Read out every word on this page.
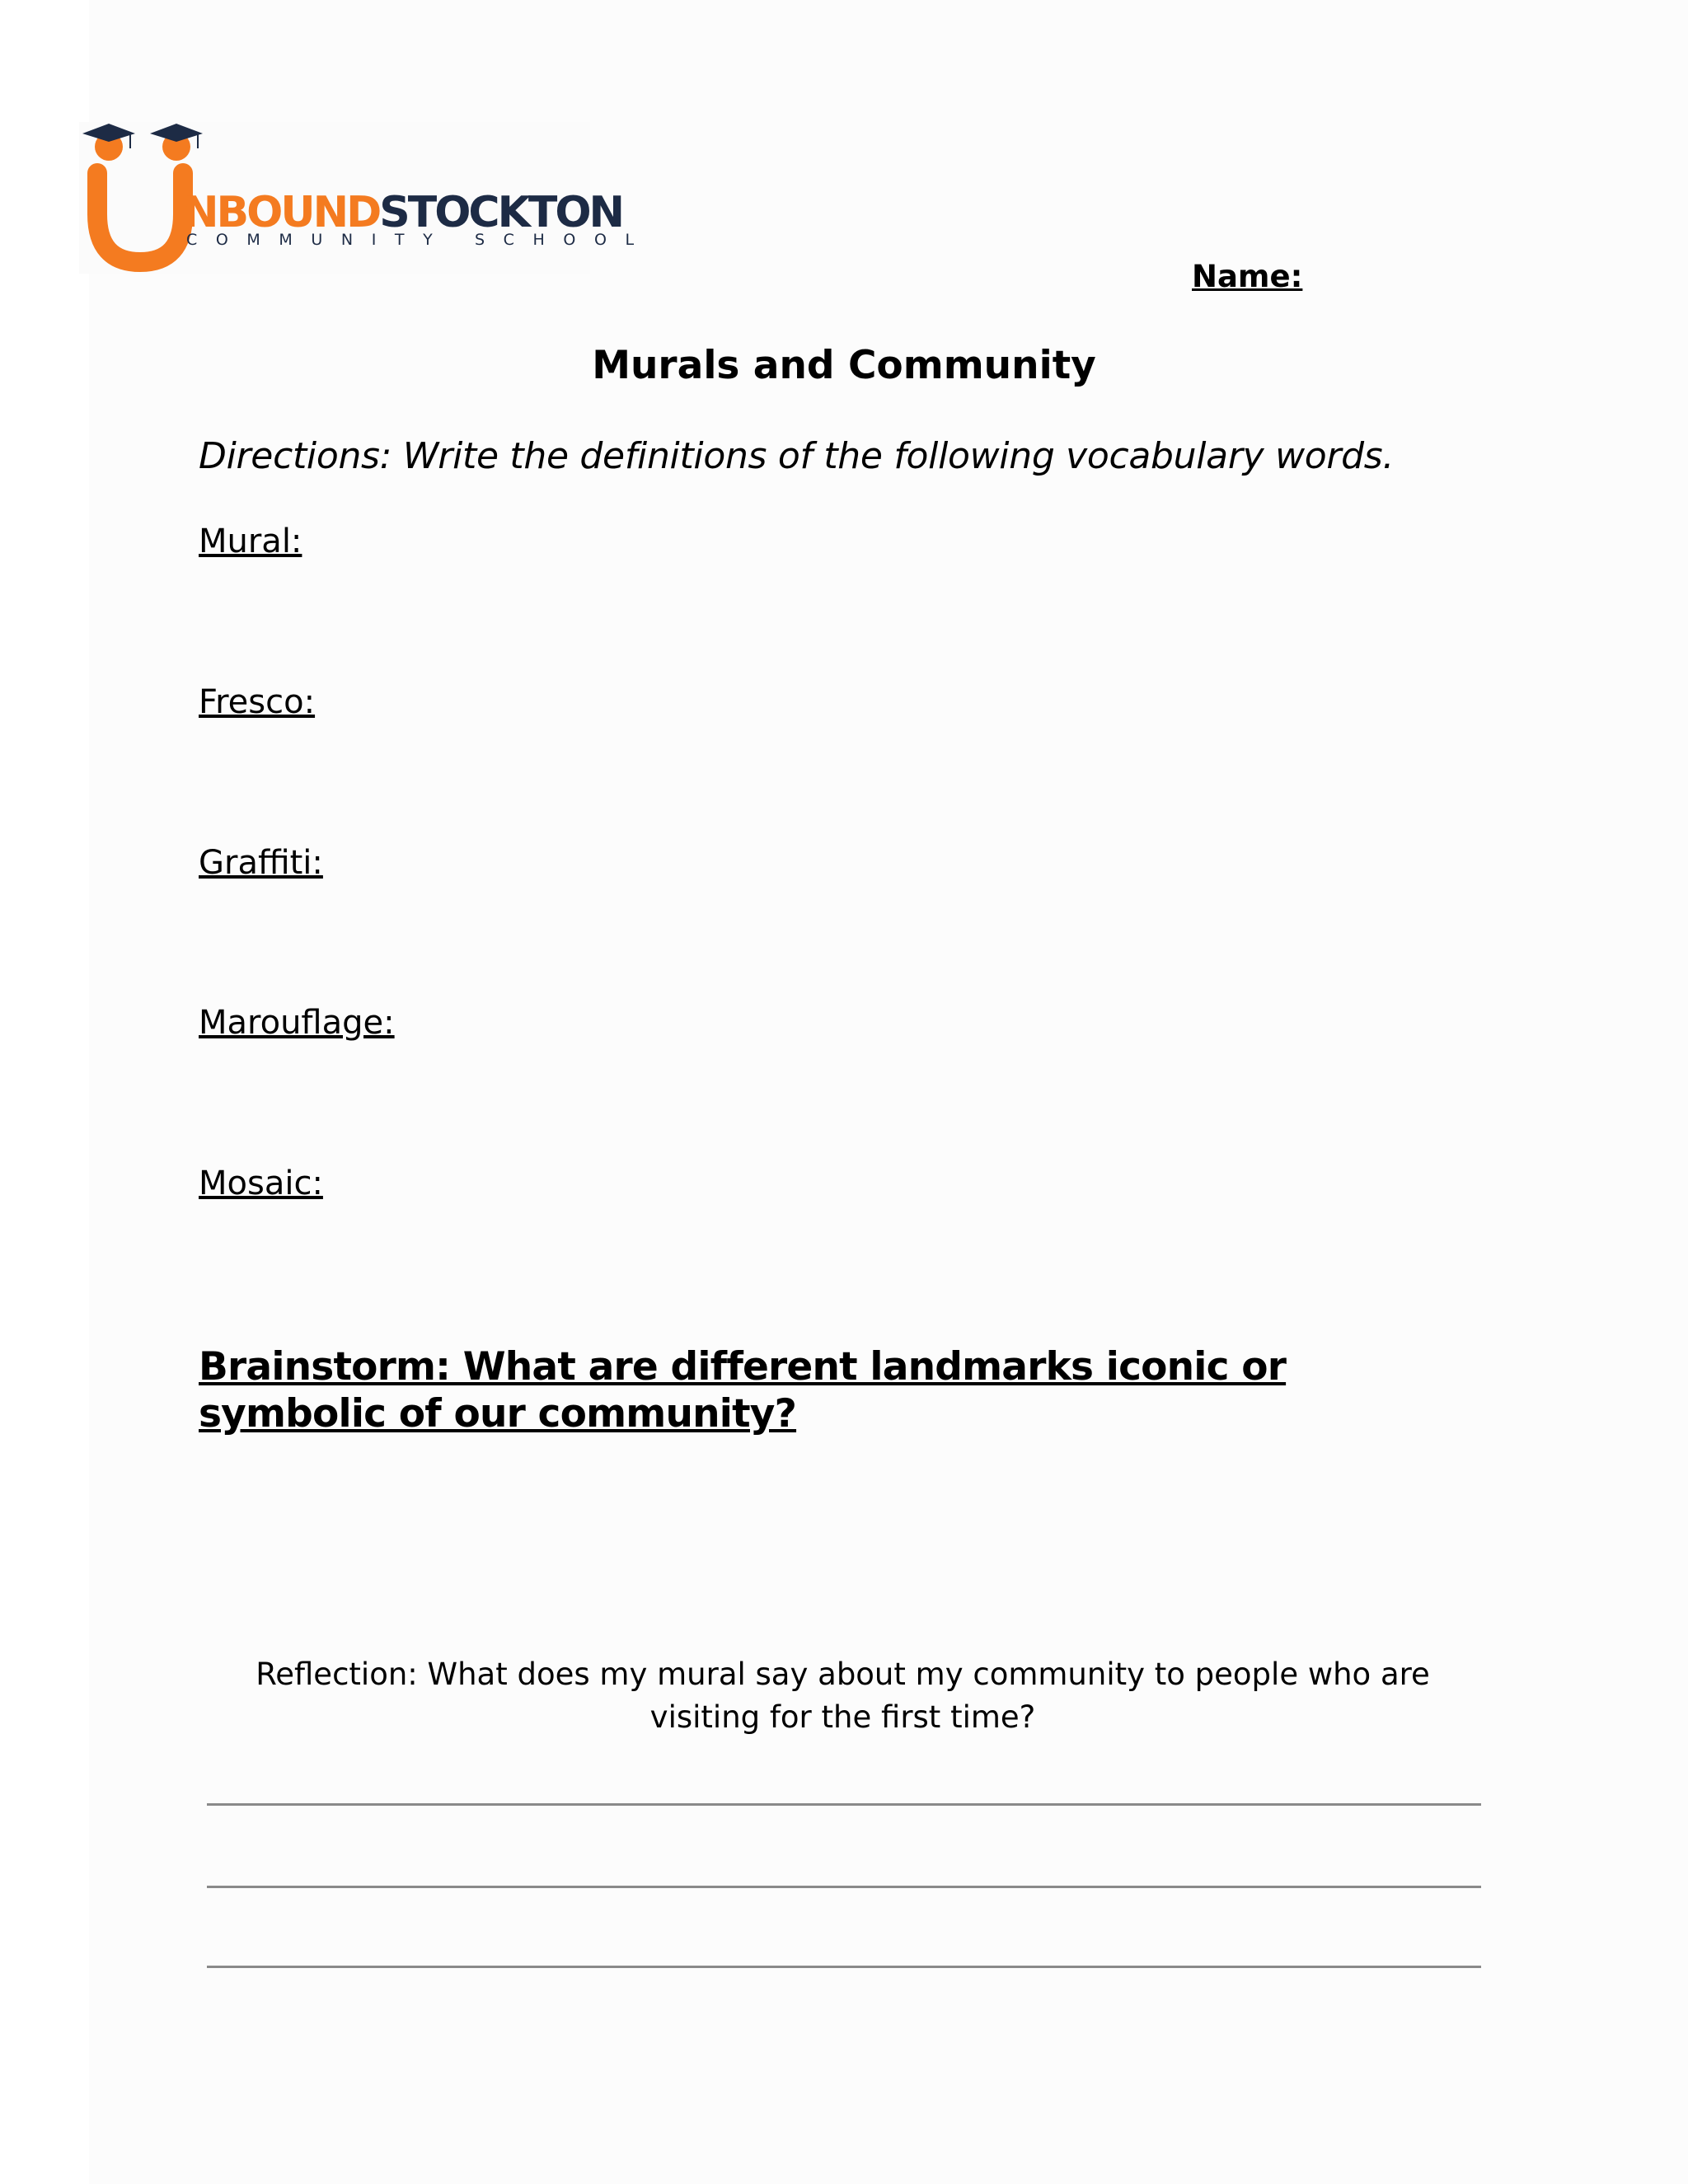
NBOUNDSTOCKTON
COMMUNITY SCHOOL
Name:
Murals and Community
Directions: Write the definitions of the following vocabulary words.
Mural:
Fresco:
Graffiti:
Marouflage:
Mosaic:
Brainstorm: What are different landmarks iconic or symbolic of our community?
Reflection: What does my mural say about my community to people who are visiting for the first time?
